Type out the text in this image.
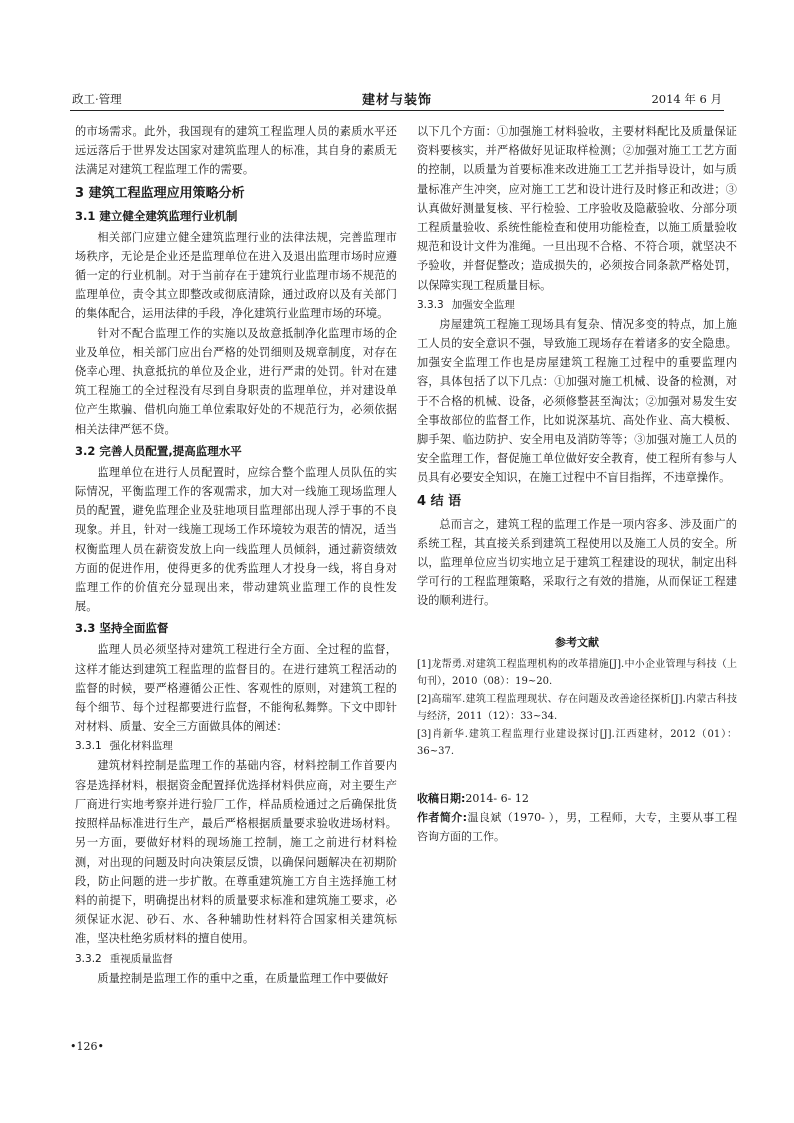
政工·管理	建材与装饰	2014 年 6 月

的市场需求。此外，我国现有的建筑工程监理人员的素质水平还远远落后于世界发达国家对建筑监理人的标准，其自身的素质无法满足对建筑工程监理工作的需要。

3 建筑工程监理应用策略分析
3.1 建立健全建筑监理行业机制

相关部门应建立健全建筑监理行业的法律法规，完善监理市场秩序，无论是企业还是监理单位在进入及退出监理市场时应遵循一定的行业机制。对于当前存在于建筑行业监理市场不规范的监理单位，责令其立即整改或彻底清除，通过政府以及有关部门的集体配合，运用法律的手段，净化建筑行业监理市场的环境。

针对不配合监理工作的实施以及故意抵制净化监理市场的企业及单位，相关部门应出台严格的处罚细则及规章制度，对存在侥幸心理、执意抵抗的单位及企业，进行严肃的处罚。针对在建筑工程施工的全过程没有尽到自身职责的监理单位，并对建设单位产生欺骗、借机向施工单位索取好处的不规范行为，必须依据相关法律严惩不贷。

3.2 完善人员配置,提高监理水平

监理单位在进行人员配置时，应综合整个监理人员队伍的实际情况，平衡监理工作的客观需求，加大对一线施工现场监理人员的配置，避免监理企业及驻地项目监理部出现人浮于事的不良现象。并且，针对一线施工现场工作环境较为艰苦的情况，适当权衡监理人员在薪资发放上向一线监理人员倾斜，通过薪资绩效方面的促进作用，使得更多的优秀监理人才投身一线，将自身对监理工作的价值充分显现出来，带动建筑业监理工作的良性发展。

3.3 坚持全面监督

监理人员必须坚持对建筑工程进行全方面、全过程的监督，这样才能达到建筑工程监理的监督目的。在进行建筑工程活动的监督的时候，要严格遵循公正性、客观性的原则，对建筑工程的每个细节、每个过程都要进行监督，不能徇私舞弊。下文中即针对材料、质量、安全三方面做具体的阐述：

3.3.1 强化材料监理

建筑材料控制是监理工作的基础内容，材料控制工作首要内容是选择材料，根据资金配置择优选择材料供应商，对主要生产厂商进行实地考察并进行验厂工作，样品质检通过之后确保批货按照样品标准进行生产，最后严格根据质量要求验收进场材料。另一方面，要做好材料的现场施工控制，施工之前进行材料检测，对出现的问题及时向决策层反馈，以确保问题解决在初期阶段，防止问题的进一步扩散。在尊重建筑施工方自主选择施工材料的前提下，明确提出材料的质量要求标准和建筑施工要求，必须保证水泥、砂石、水、各种辅助性材料符合国家相关建筑标准，坚决杜绝劣质材料的擅自使用。

3.3.2 重视质量监督

质量控制是监理工作的重中之重，在质量监理工作中要做好

以下几个方面：①加强施工材料验收，主要材料配比及质量保证资料要核实，并严格做好见证取样检测；②加强对施工工艺方面的控制，以质量为首要标准来改进施工工艺并指导设计，如与质量标准产生冲突，应对施工工艺和设计进行及时修正和改进；③认真做好测量复核、平行检验、工序验收及隐蔽验收、分部分项工程质量验收、系统性能检查和使用功能检查，以施工质量验收规范和设计文件为准绳。一旦出现不合格、不符合项，就坚决不予验收，并督促整改；造成损失的，必须按合同条款严格处罚，以保障实现工程质量目标。

3.3.3 加强安全监理

房屋建筑工程施工现场具有复杂、情况多变的特点，加上施工人员的安全意识不强，导致施工现场存在着诸多的安全隐患。加强安全监理工作也是房屋建筑工程施工过程中的重要监理内容，具体包括了以下几点：①加强对施工机械、设备的检测，对于不合格的机械、设备，必须修整甚至淘汰；②加强对易发生安全事故部位的监督工作，比如说深基坑、高处作业、高大模板、脚手架、临边防护、安全用电及消防等等；③加强对施工人员的安全监理工作，督促施工单位做好安全教育，使工程所有参与人员具有必要安全知识，在施工过程中不盲目指挥，不违章操作。

4 结 语

总而言之，建筑工程的监理工作是一项内容多、涉及面广的系统工程，其直接关系到建筑工程使用以及施工人员的安全。所以，监理单位应当切实地立足于建筑工程建设的现状，制定出科学可行的工程监理策略，采取行之有效的措施，从而保证工程建设的顺利进行。

参考文献

[1]龙帮勇.对建筑工程监理机构的改革措施[J].中小企业管理与科技（上旬刊），2010（08）：19~20.

[2]高瑞军.建筑工程监理现状、存在问题及改善途径探析[J].内蒙古科技与经济，2011（12）：33~34.

[3]肖新华.建筑工程监理行业建设探讨[J].江西建材，2012（01）：36~37.

收稿日期:2014- 6- 12

作者简介:温良斌（1970- ），男，工程师，大专，主要从事工程咨询方面的工作。

•126•
